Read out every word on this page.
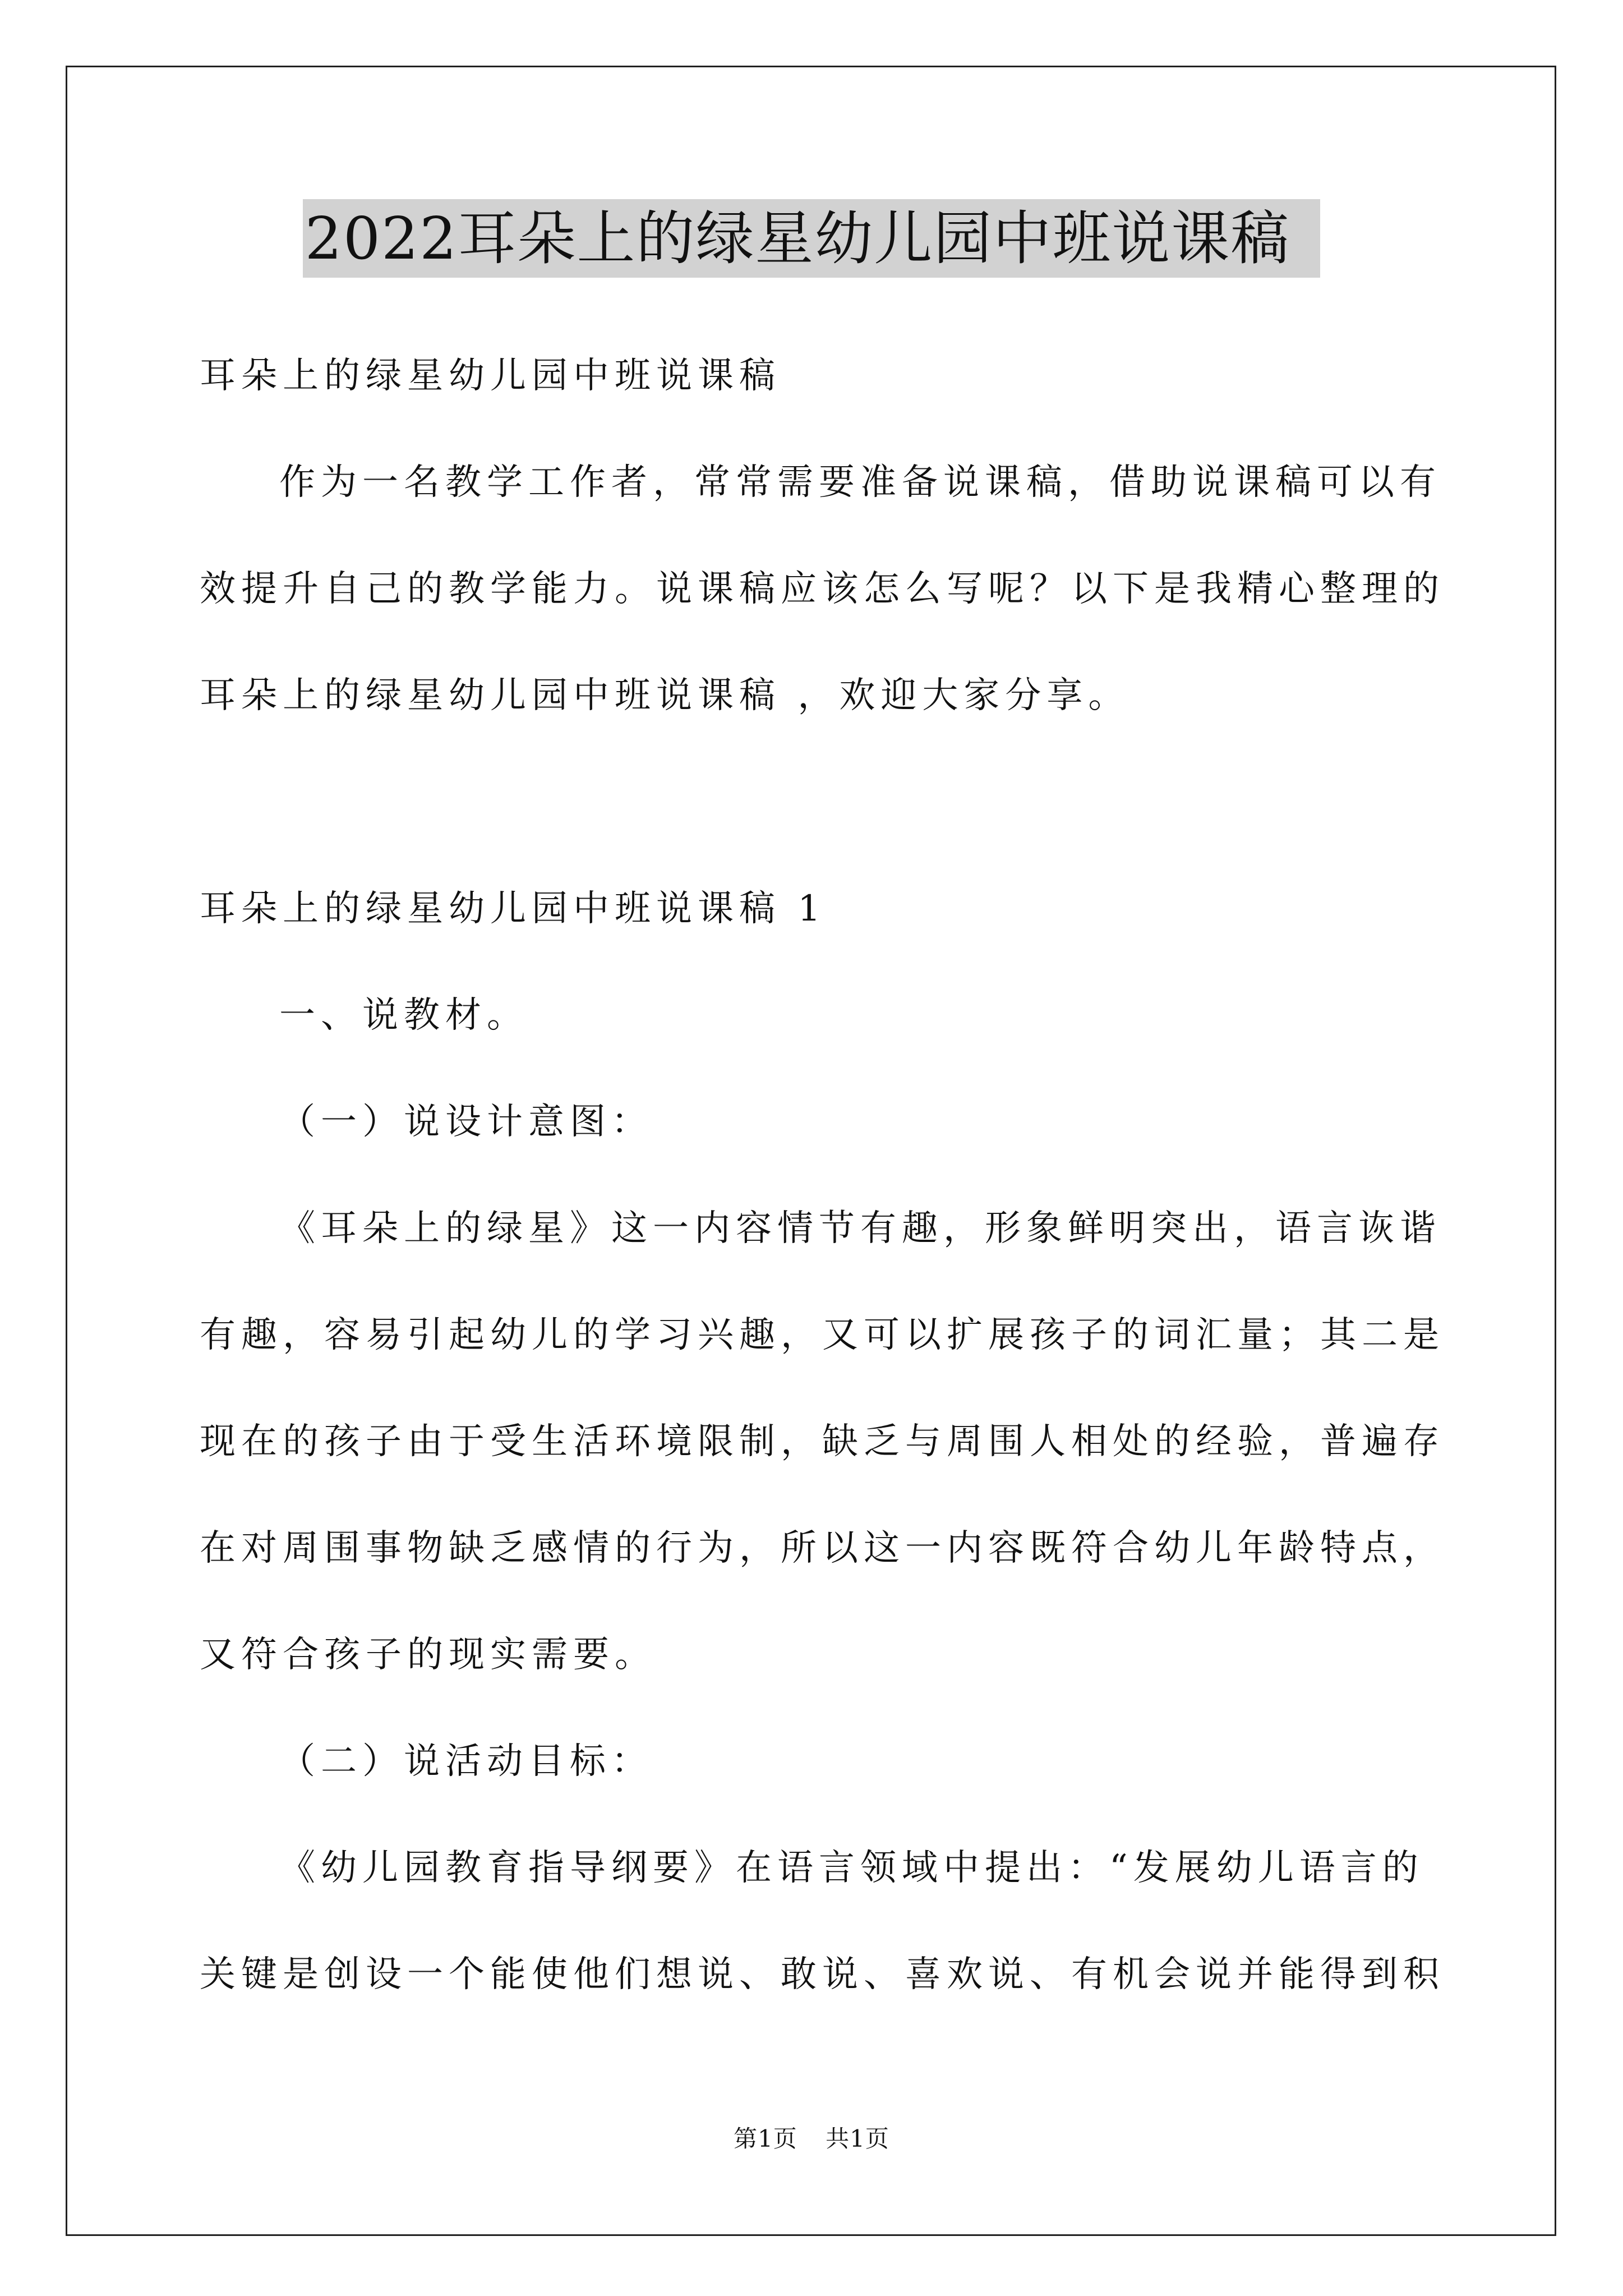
2022耳朵上的绿星幼儿园中班说课稿
耳朵上的绿星幼儿园中班说课稿
作为一名教学工作者，常常需要准备说课稿，借助说课稿可以有
效提升自己的教学能力。说课稿应该怎么写呢？以下是我精心整理的
耳朵上的绿星幼儿园中班说课稿 ，欢迎大家分享。
耳朵上的绿星幼儿园中班说课稿 1
一、说教材。
（一）说设计意图：
《耳朵上的绿星》这一内容情节有趣，形象鲜明突出，语言诙谐
有趣，容易引起幼儿的学习兴趣，又可以扩展孩子的词汇量；其二是
现在的孩子由于受生活环境限制，缺乏与周围人相处的经验，普遍存
在对周围事物缺乏感情的行为，所以这一内容既符合幼儿年龄特点，
又符合孩子的现实需要。
（二）说活动目标：
《幼儿园教育指导纲要》在语言领域中提出：“发展幼儿语言的
关键是创设一个能使他们想说、敢说、喜欢说、有机会说并能得到积
第1页 共1页
